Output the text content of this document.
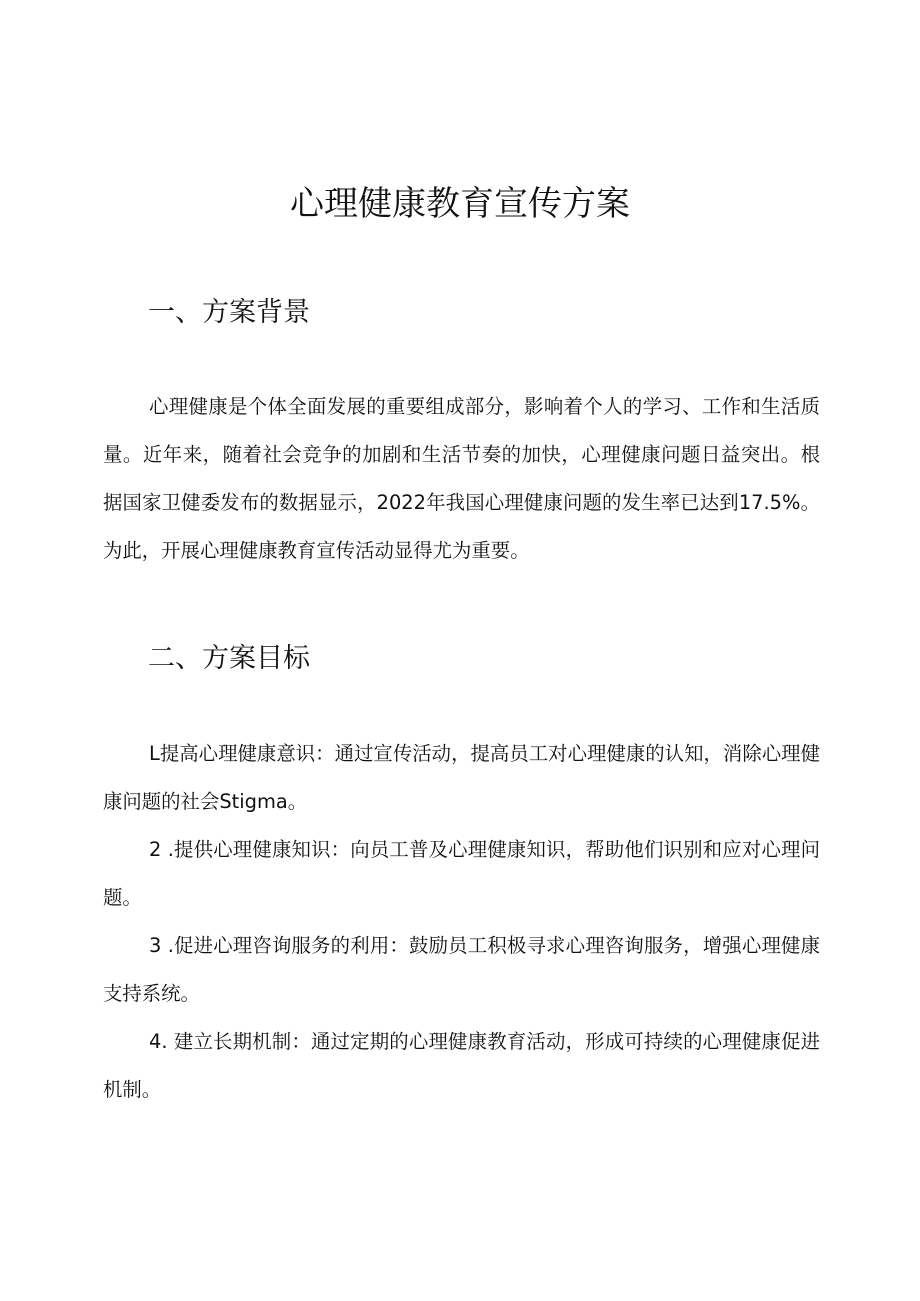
心理健康教育宣传方案
一、方案背景

心理健康是个体全面发展的重要组成部分，影响着个人的学习、工作和生活质量。近年来，随着社会竞争的加剧和生活节奏的加快，心理健康问题日益突出。根据国家卫健委发布的数据显示，2022年我国心理健康问题的发生率已达到17.5%。为此，开展心理健康教育宣传活动显得尤为重要。

二、方案目标

L提高心理健康意识：通过宣传活动，提高员工对心理健康的认知，消除心理健康问题的社会Stigma。

2 .提供心理健康知识：向员工普及心理健康知识，帮助他们识别和应对心理问题。

3 .促进心理咨询服务的利用：鼓励员工积极寻求心理咨询服务，增强心理健康支持系统。

4. 建立长期机制：通过定期的心理健康教育活动，形成可持续的心理健康促进机制。
